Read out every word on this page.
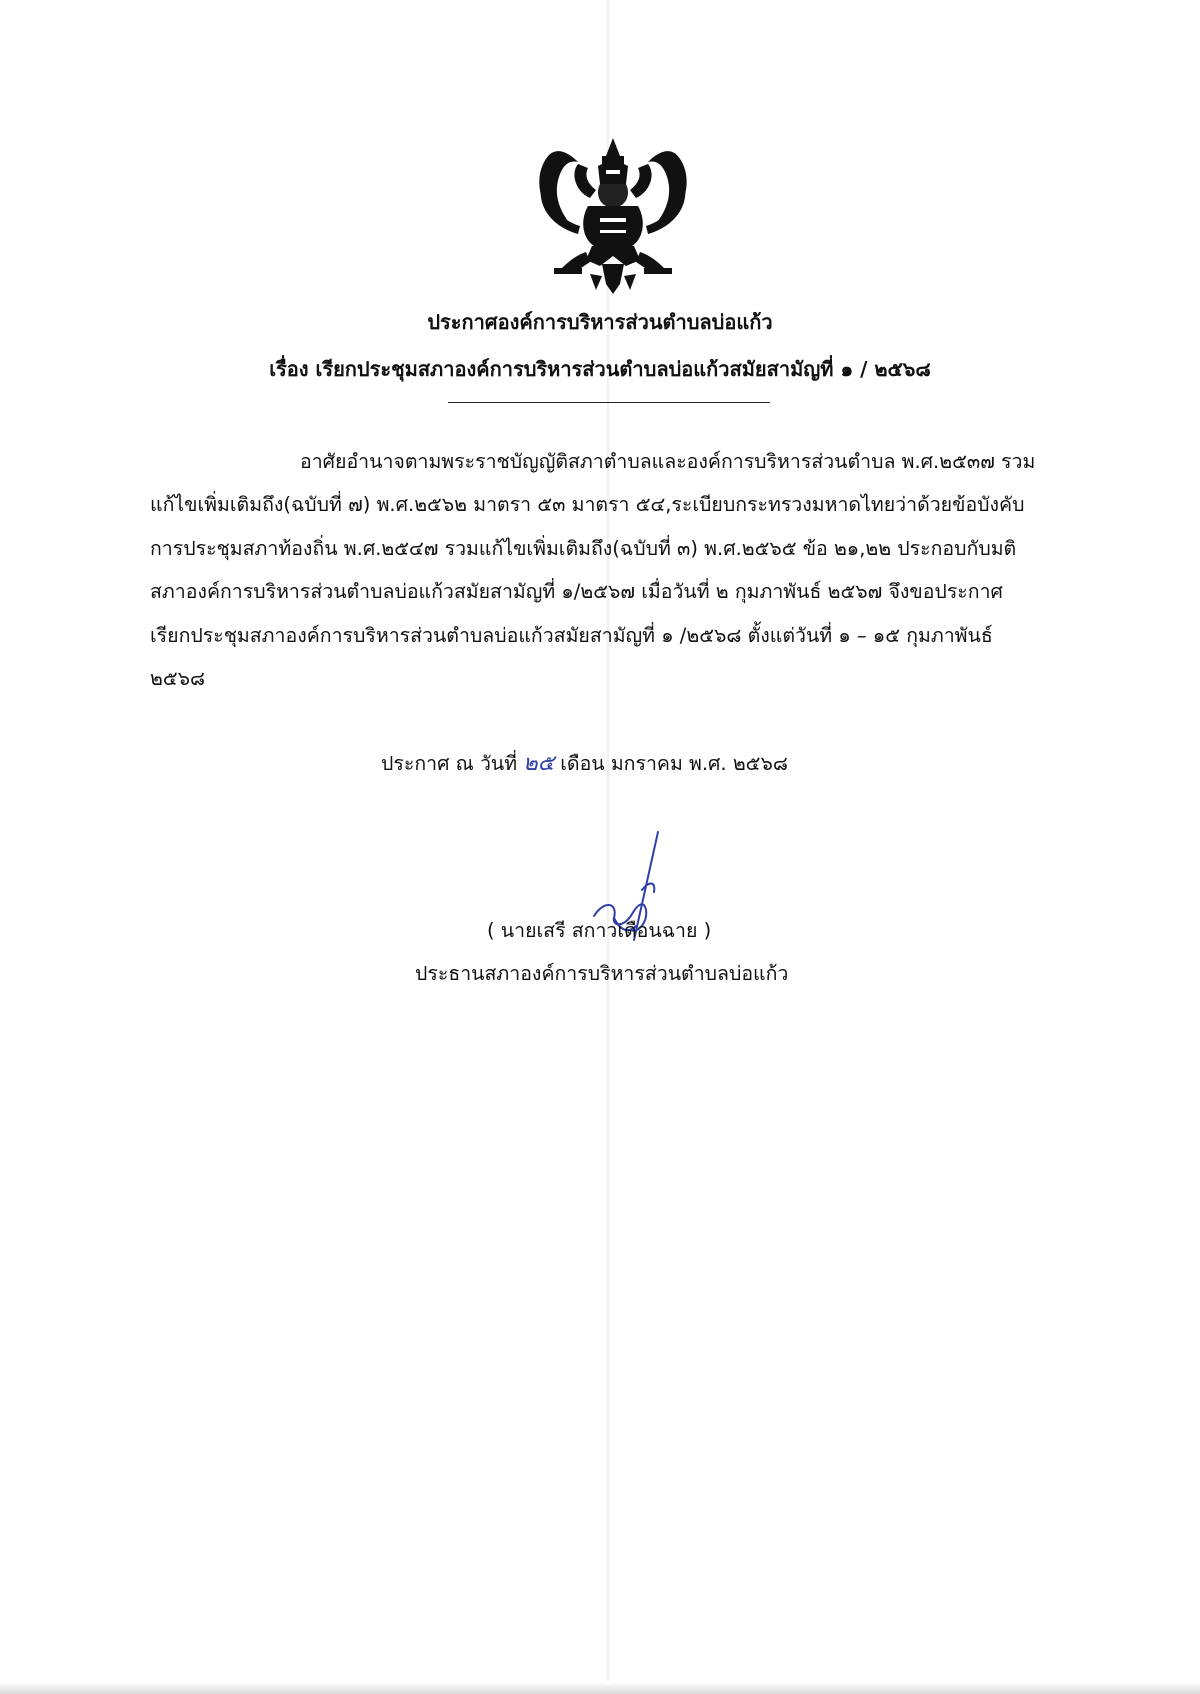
ประกาศองค์การบริหารส่วนตำบลบ่อแก้ว
เรื่อง เรียกประชุมสภาองค์การบริหารส่วนตำบลบ่อแก้วสมัยสามัญที่ ๑ / ๒๕๖๘
อาศัยอำนาจตามพระราชบัญญัติสภาตำบลและองค์การบริหารส่วนตำบล พ.ศ.๒๕๓๗ รวม
แก้ไขเพิ่มเติมถึง(ฉบับที่ ๗) พ.ศ.๒๕๖๒ มาตรา ๕๓ มาตรา ๕๔,ระเบียบกระทรวงมหาดไทยว่าด้วยข้อบังคับ
การประชุมสภาท้องถิ่น พ.ศ.๒๕๔๗ รวมแก้ไขเพิ่มเติมถึง(ฉบับที่ ๓) พ.ศ.๒๕๖๕ ข้อ ๒๑,๒๒ ประกอบกับมติ
สภาองค์การบริหารส่วนตำบลบ่อแก้วสมัยสามัญที่ ๑/๒๕๖๗ เมื่อวันที่ ๒ กุมภาพันธ์ ๒๕๖๗ จึงขอประกาศ
เรียกประชุมสภาองค์การบริหารส่วนตำบลบ่อแก้วสมัยสามัญที่ ๑ /๒๕๖๘ ตั้งแต่วันที่ ๑ – ๑๕ กุมภาพันธ์
๒๕๖๘
ประกาศ ณ วันที่ ๒๕ เดือน มกราคม พ.ศ. ๒๕๖๘
( นายเสรี สกาวเดือนฉาย )
ประธานสภาองค์การบริหารส่วนตำบลบ่อแก้ว
